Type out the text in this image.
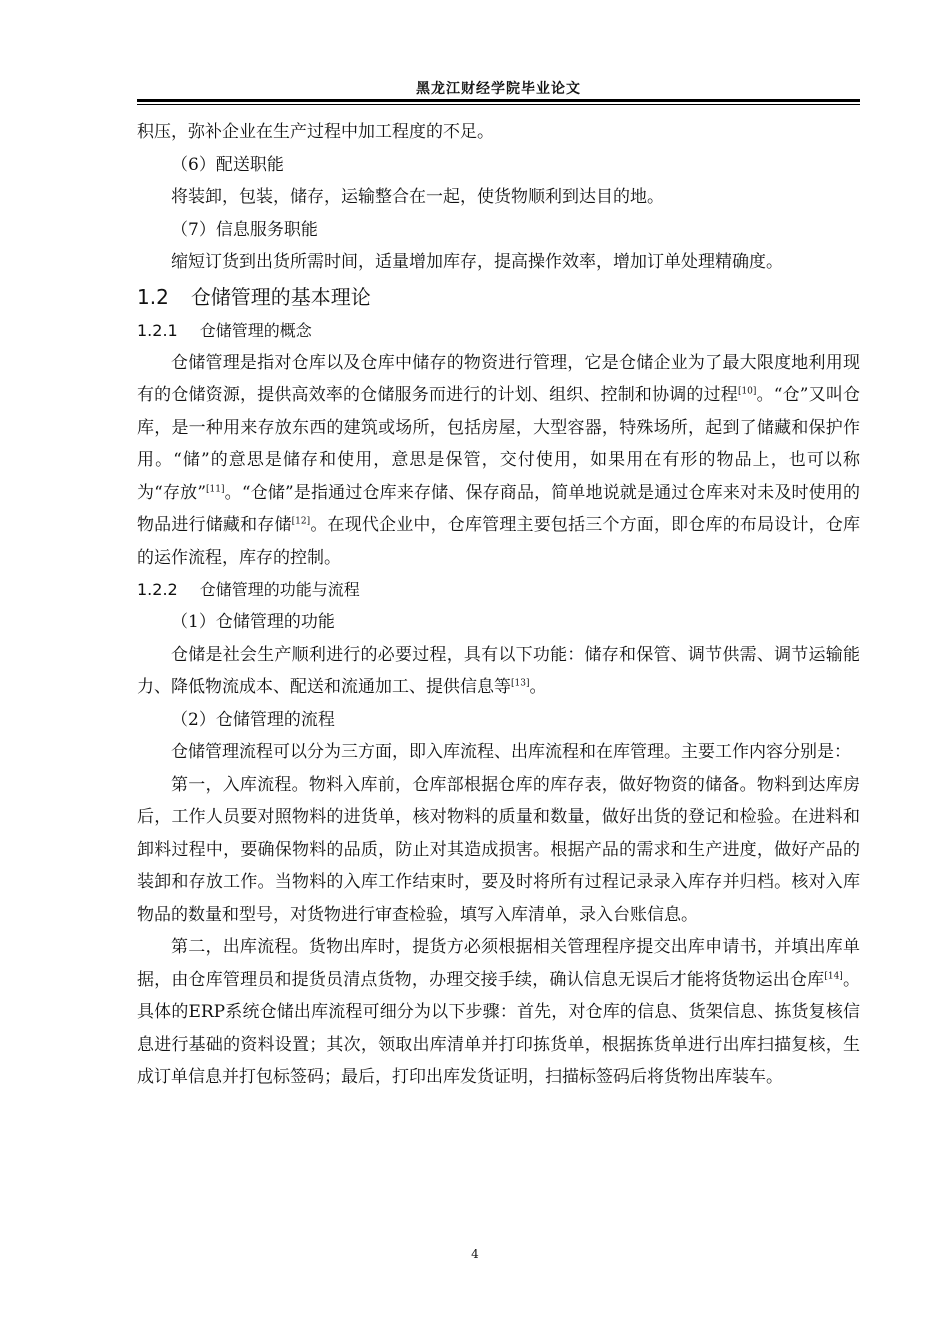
黑龙江财经学院毕业论文

积压，弥补企业在生产过程中加工程度的不足。

（6）配送职能

将装卸，包装，储存，运输整合在一起，使货物顺利到达目的地。

（7）信息服务职能

缩短订货到出货所需时间，适量增加库存，提高操作效率，增加订单处理精确度。

1.2 仓储管理的基本理论
1.2.1 仓储管理的概念

仓储管理是指对仓库以及仓库中储存的物资进行管理，它是仓储企业为了最大限度地利用现有的仓储资源，提供高效率的仓储服务而进行的计划、组织、控制和协调的过程[10]。“仓”又叫仓库，是一种用来存放东西的建筑或场所，包括房屋，大型容器，特殊场所，起到了储藏和保护作用。“储”的意思是储存和使用，意思是保管，交付使用，如果用在有形的物品上，也可以称为“存放”[11]。“仓储”是指通过仓库来存储、保存商品，简单地说就是通过仓库来对未及时使用的物品进行储藏和存储[12]。在现代企业中，仓库管理主要包括三个方面，即仓库的布局设计，仓库的运作流程，库存的控制。

1.2.2 仓储管理的功能与流程

（1）仓储管理的功能

仓储是社会生产顺利进行的必要过程，具有以下功能：储存和保管、调节供需、调节运输能力、降低物流成本、配送和流通加工、提供信息等[13]。

（2）仓储管理的流程

仓储管理流程可以分为三方面，即入库流程、出库流程和在库管理。主要工作内容分别是：

第一，入库流程。物料入库前，仓库部根据仓库的库存表，做好物资的储备。物料到达库房后，工作人员要对照物料的进货单，核对物料的质量和数量，做好出货的登记和检验。在进料和卸料过程中，要确保物料的品质，防止对其造成损害。根据产品的需求和生产进度，做好产品的装卸和存放工作。当物料的入库工作结束时，要及时将所有过程记录录入库存并归档。核对入库物品的数量和型号，对货物进行审查检验，填写入库清单，录入台账信息。

第二，出库流程。货物出库时，提货方必须根据相关管理程序提交出库申请书，并填出库单据，由仓库管理员和提货员清点货物，办理交接手续，确认信息无误后才能将货物运出仓库[14]。具体的ERP系统仓储出库流程可细分为以下步骤：首先，对仓库的信息、货架信息、拣货复核信息进行基础的资料设置；其次，领取出库清单并打印拣货单，根据拣货单进行出库扫描复核，生成订单信息并打包标签码；最后，打印出库发货证明，扫描标签码后将货物出库装车。

4
